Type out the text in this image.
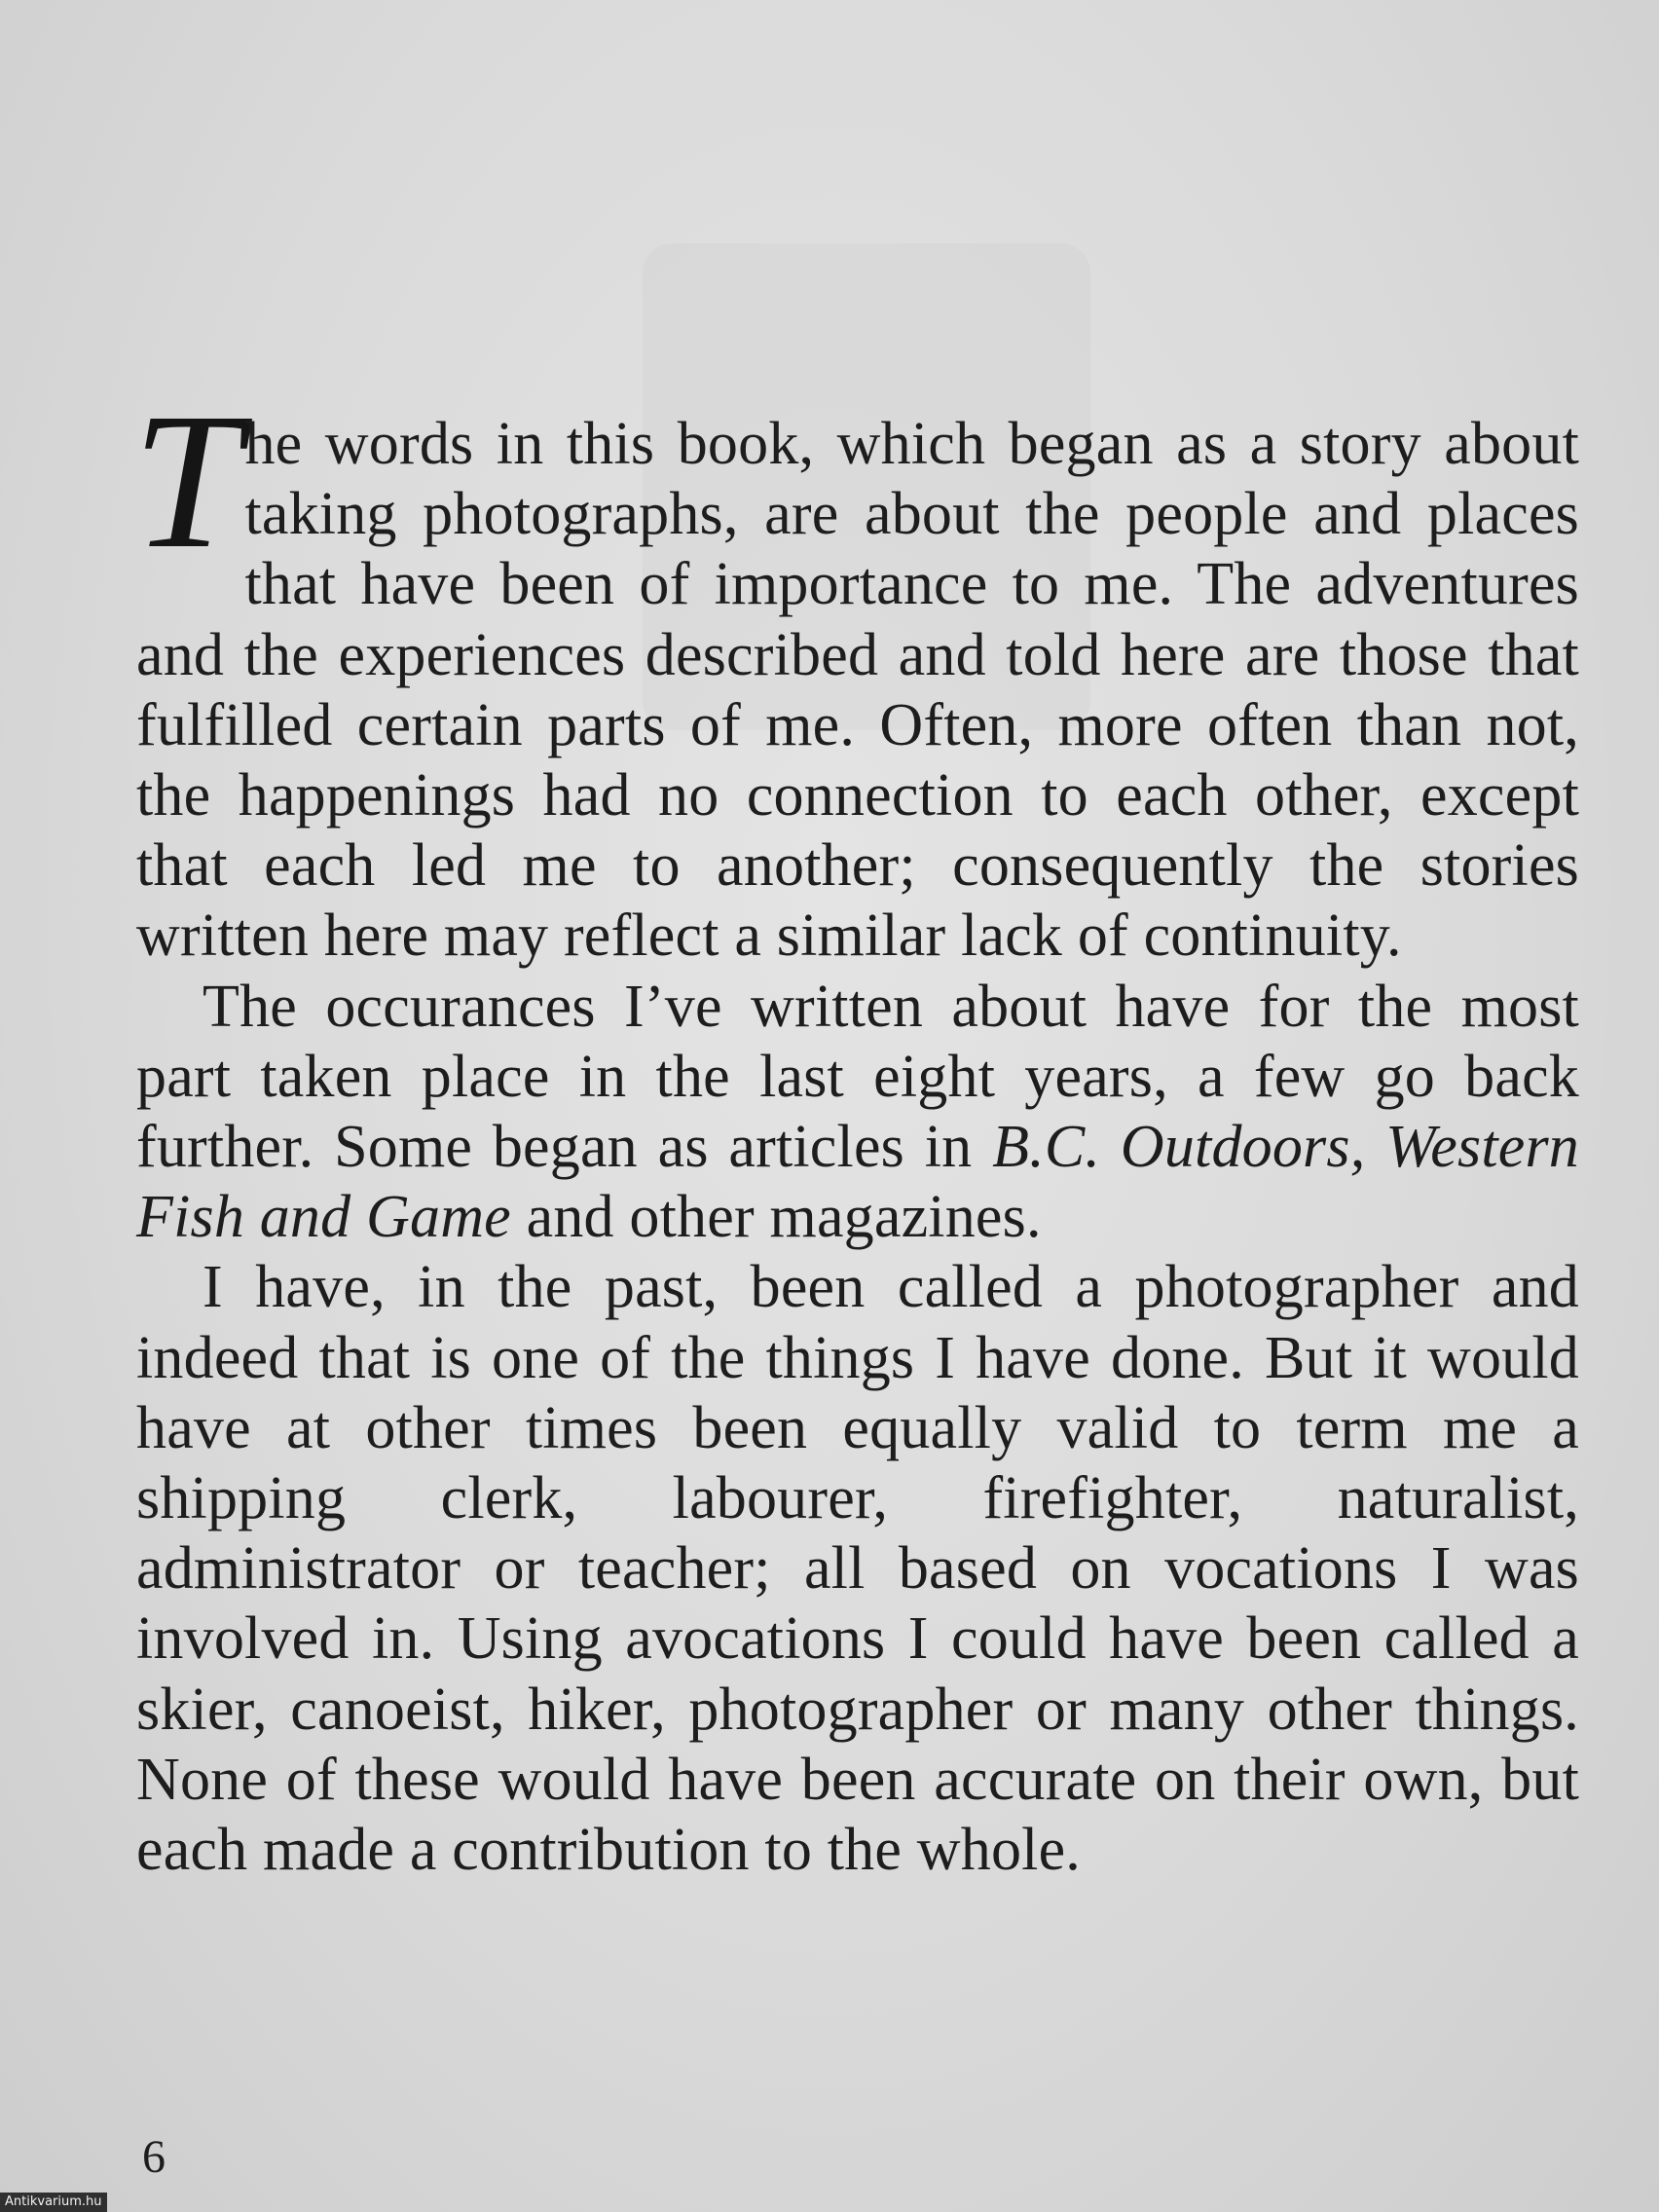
The words in this book, which began as a story about taking photographs, are about the people and places that have been of importance to me. The adventures and the experiences described and told here are those that fulfilled certain parts of me. Often, more often than not, the happenings had no connection to each other, except that each led me to another; consequently the stories written here may reflect a similar lack of continuity.

The occurances I’ve written about have for the most part taken place in the last eight years, a few go back further. Some began as articles in B.C. Outdoors, Western Fish and Game and other magazines.

I have, in the past, been called a photographer and indeed that is one of the things I have done. But it would have at other times been equally valid to term me a shipping clerk, labourer, firefighter, naturalist, administrator or teacher; all based on vocations I was involved in. Using avocations I could have been called a skier, canoeist, hiker, photographer or many other things. None of these would have been accurate on their own, but each made a contribution to the whole.

6
Antikvarium.hu
